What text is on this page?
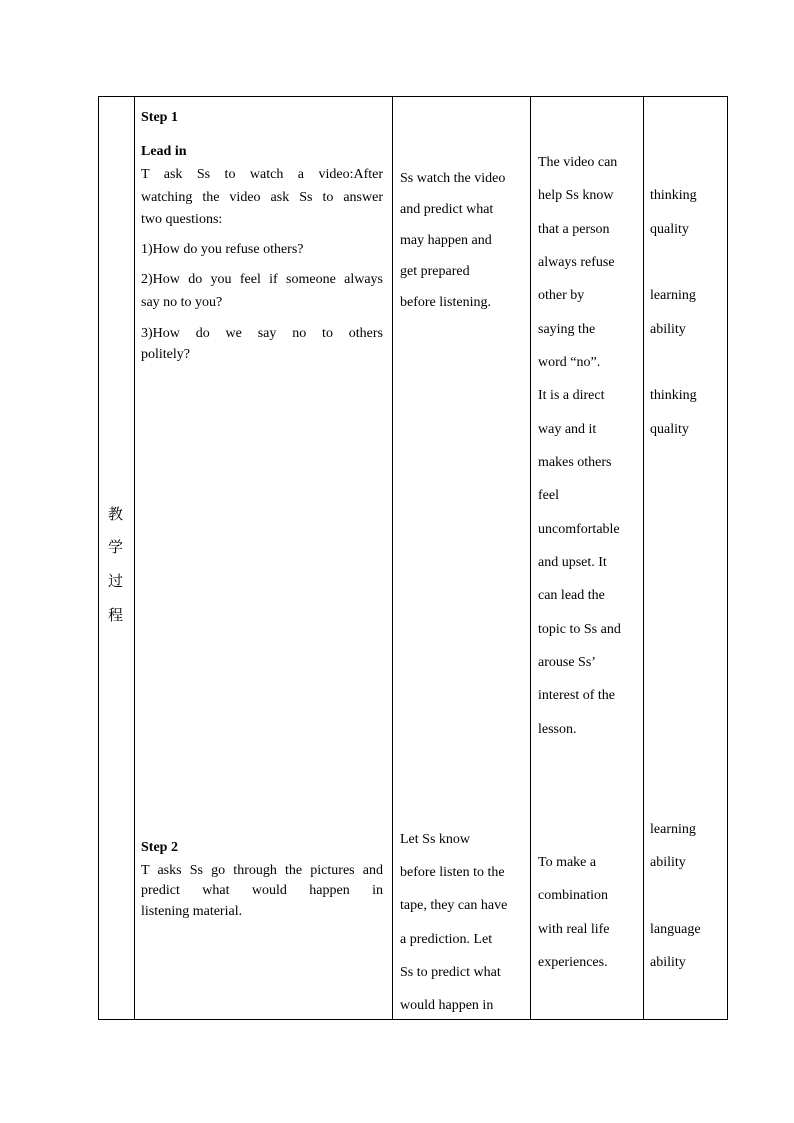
教
学
过
程
Step 1
Lead in
T ask Ss to watch a video:After
watching the video ask Ss to answer
two questions:
1)How do you refuse others?
2)How do you feel if someone always
say no to you?
3)How do we say no to others
politely?
Ss watch the video
and predict what
may happen and
get prepared
before listening.
The video can
help Ss know
that a person
always refuse
other by
saying the
word “no”.
It is a direct
way and it
makes others
feel
uncomfortable
and upset. It
can lead the
topic to Ss and
arouse Ss’
interest of the
lesson.
thinking
quality
learning
ability
thinking
quality
Step 2
T asks Ss go through the pictures and
predict what would happen in
listening material.
Let Ss know
before listen to the
tape, they can have
a prediction. Let
Ss to predict what
would happen in
To make a
combination
with real life
experiences.
learning
ability
language
ability
